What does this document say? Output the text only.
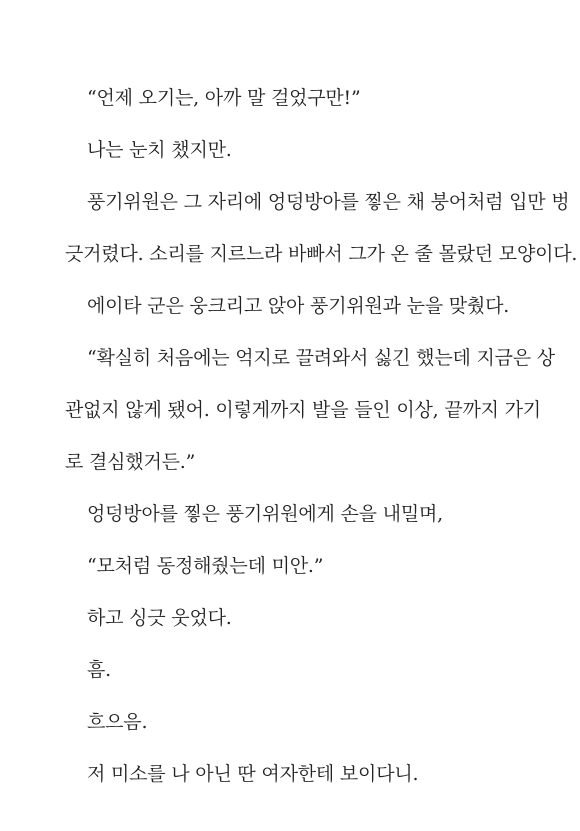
“언제 오기는, 아까 말 걸었구만!”
나는 눈치 챘지만.
풍기위원은 그 자리에 엉덩방아를 찧은 채 붕어처럼 입만 벙
긋거렸다. 소리를 지르느라 바빠서 그가 온 줄 몰랐던 모양이다.
에이타 군은 웅크리고 앉아 풍기위원과 눈을 맞췄다.
“확실히 처음에는 억지로 끌려와서 싫긴 했는데 지금은 상
관없지 않게 됐어. 이렇게까지 발을 들인 이상, 끝까지 가기
로 결심했거든.”
엉덩방아를 찧은 풍기위원에게 손을 내밀며,
“모처럼 동정해줬는데 미안.”
하고 싱긋 웃었다.
흠.
흐으음.
저 미소를 나 아닌 딴 여자한테 보이다니.
